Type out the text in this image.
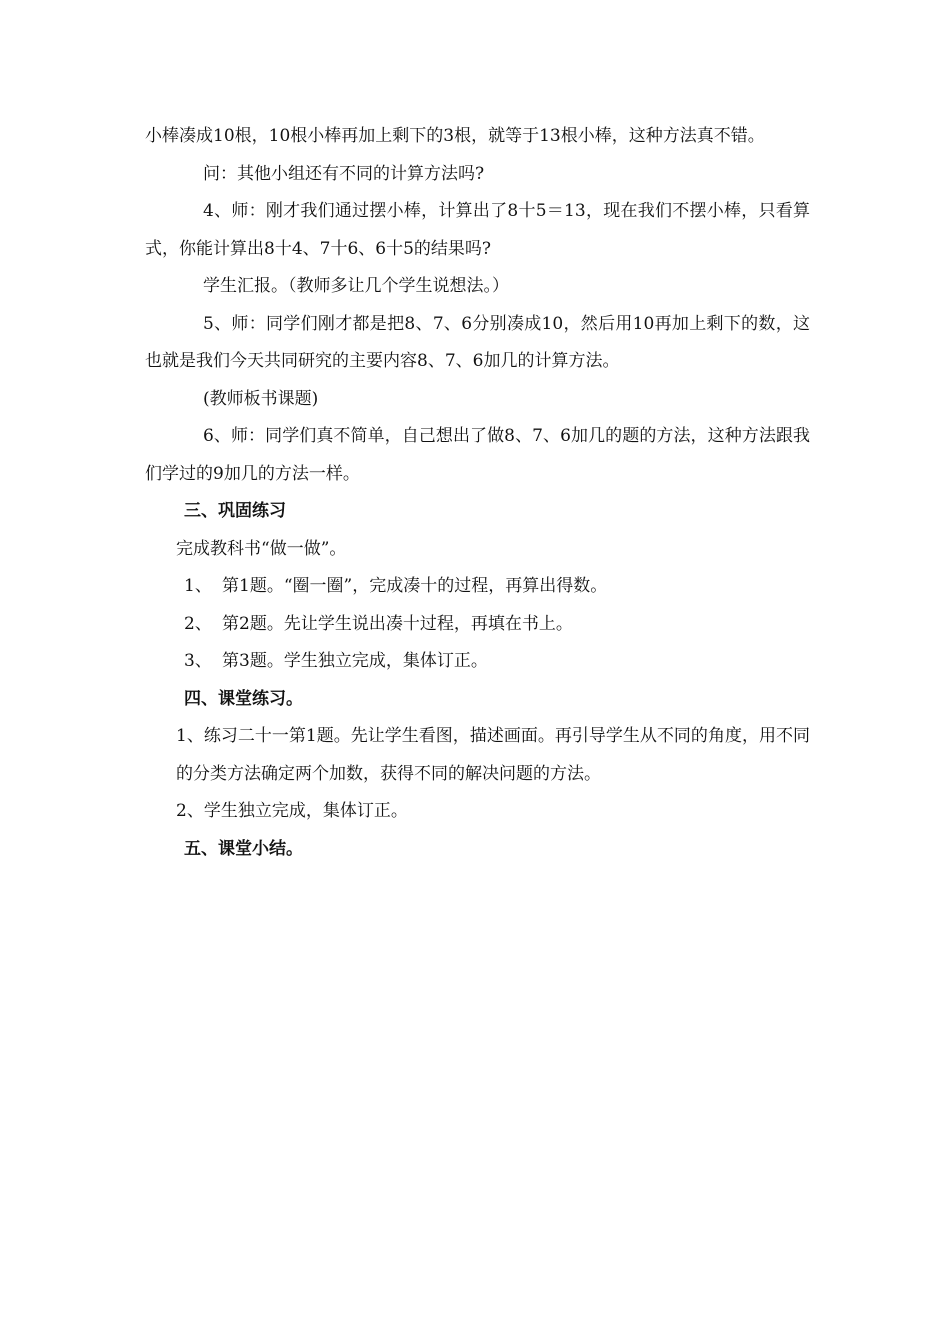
小棒凑成10根，10根小棒再加上剩下的3根，就等于13根小棒，这种方法真不错。

问：其他小组还有不同的计算方法吗?

4、师：刚才我们通过摆小棒，计算出了8十5＝13，现在我们不摆小棒，只看算式，你能计算出8十4、7十6、6十5的结果吗?

学生汇报。（教师多让几个学生说想法。）

5、师：同学们刚才都是把8、7、6分别凑成10，然后用10再加上剩下的数，这也就是我们今天共同研究的主要内容8、7、6加几的计算方法。

(教师板书课题)

6、师：同学们真不简单，自己想出了做8、7、6加几的题的方法，这种方法跟我们学过的9加几的方法一样。

三、巩固练习

完成教科书“做一做”。

1、 第1题。“圈一圈”，完成凑十的过程，再算出得数。
2、 第2题。先让学生说出凑十过程，再填在书上。
3、 第3题。学生独立完成，集体订正。

四、课堂练习。

1、练习二十一第1题。先让学生看图，描述画面。再引导学生从不同的角度，用不同的分类方法确定两个加数，获得不同的解决问题的方法。

2、学生独立完成，集体订正。

五、课堂小结。
